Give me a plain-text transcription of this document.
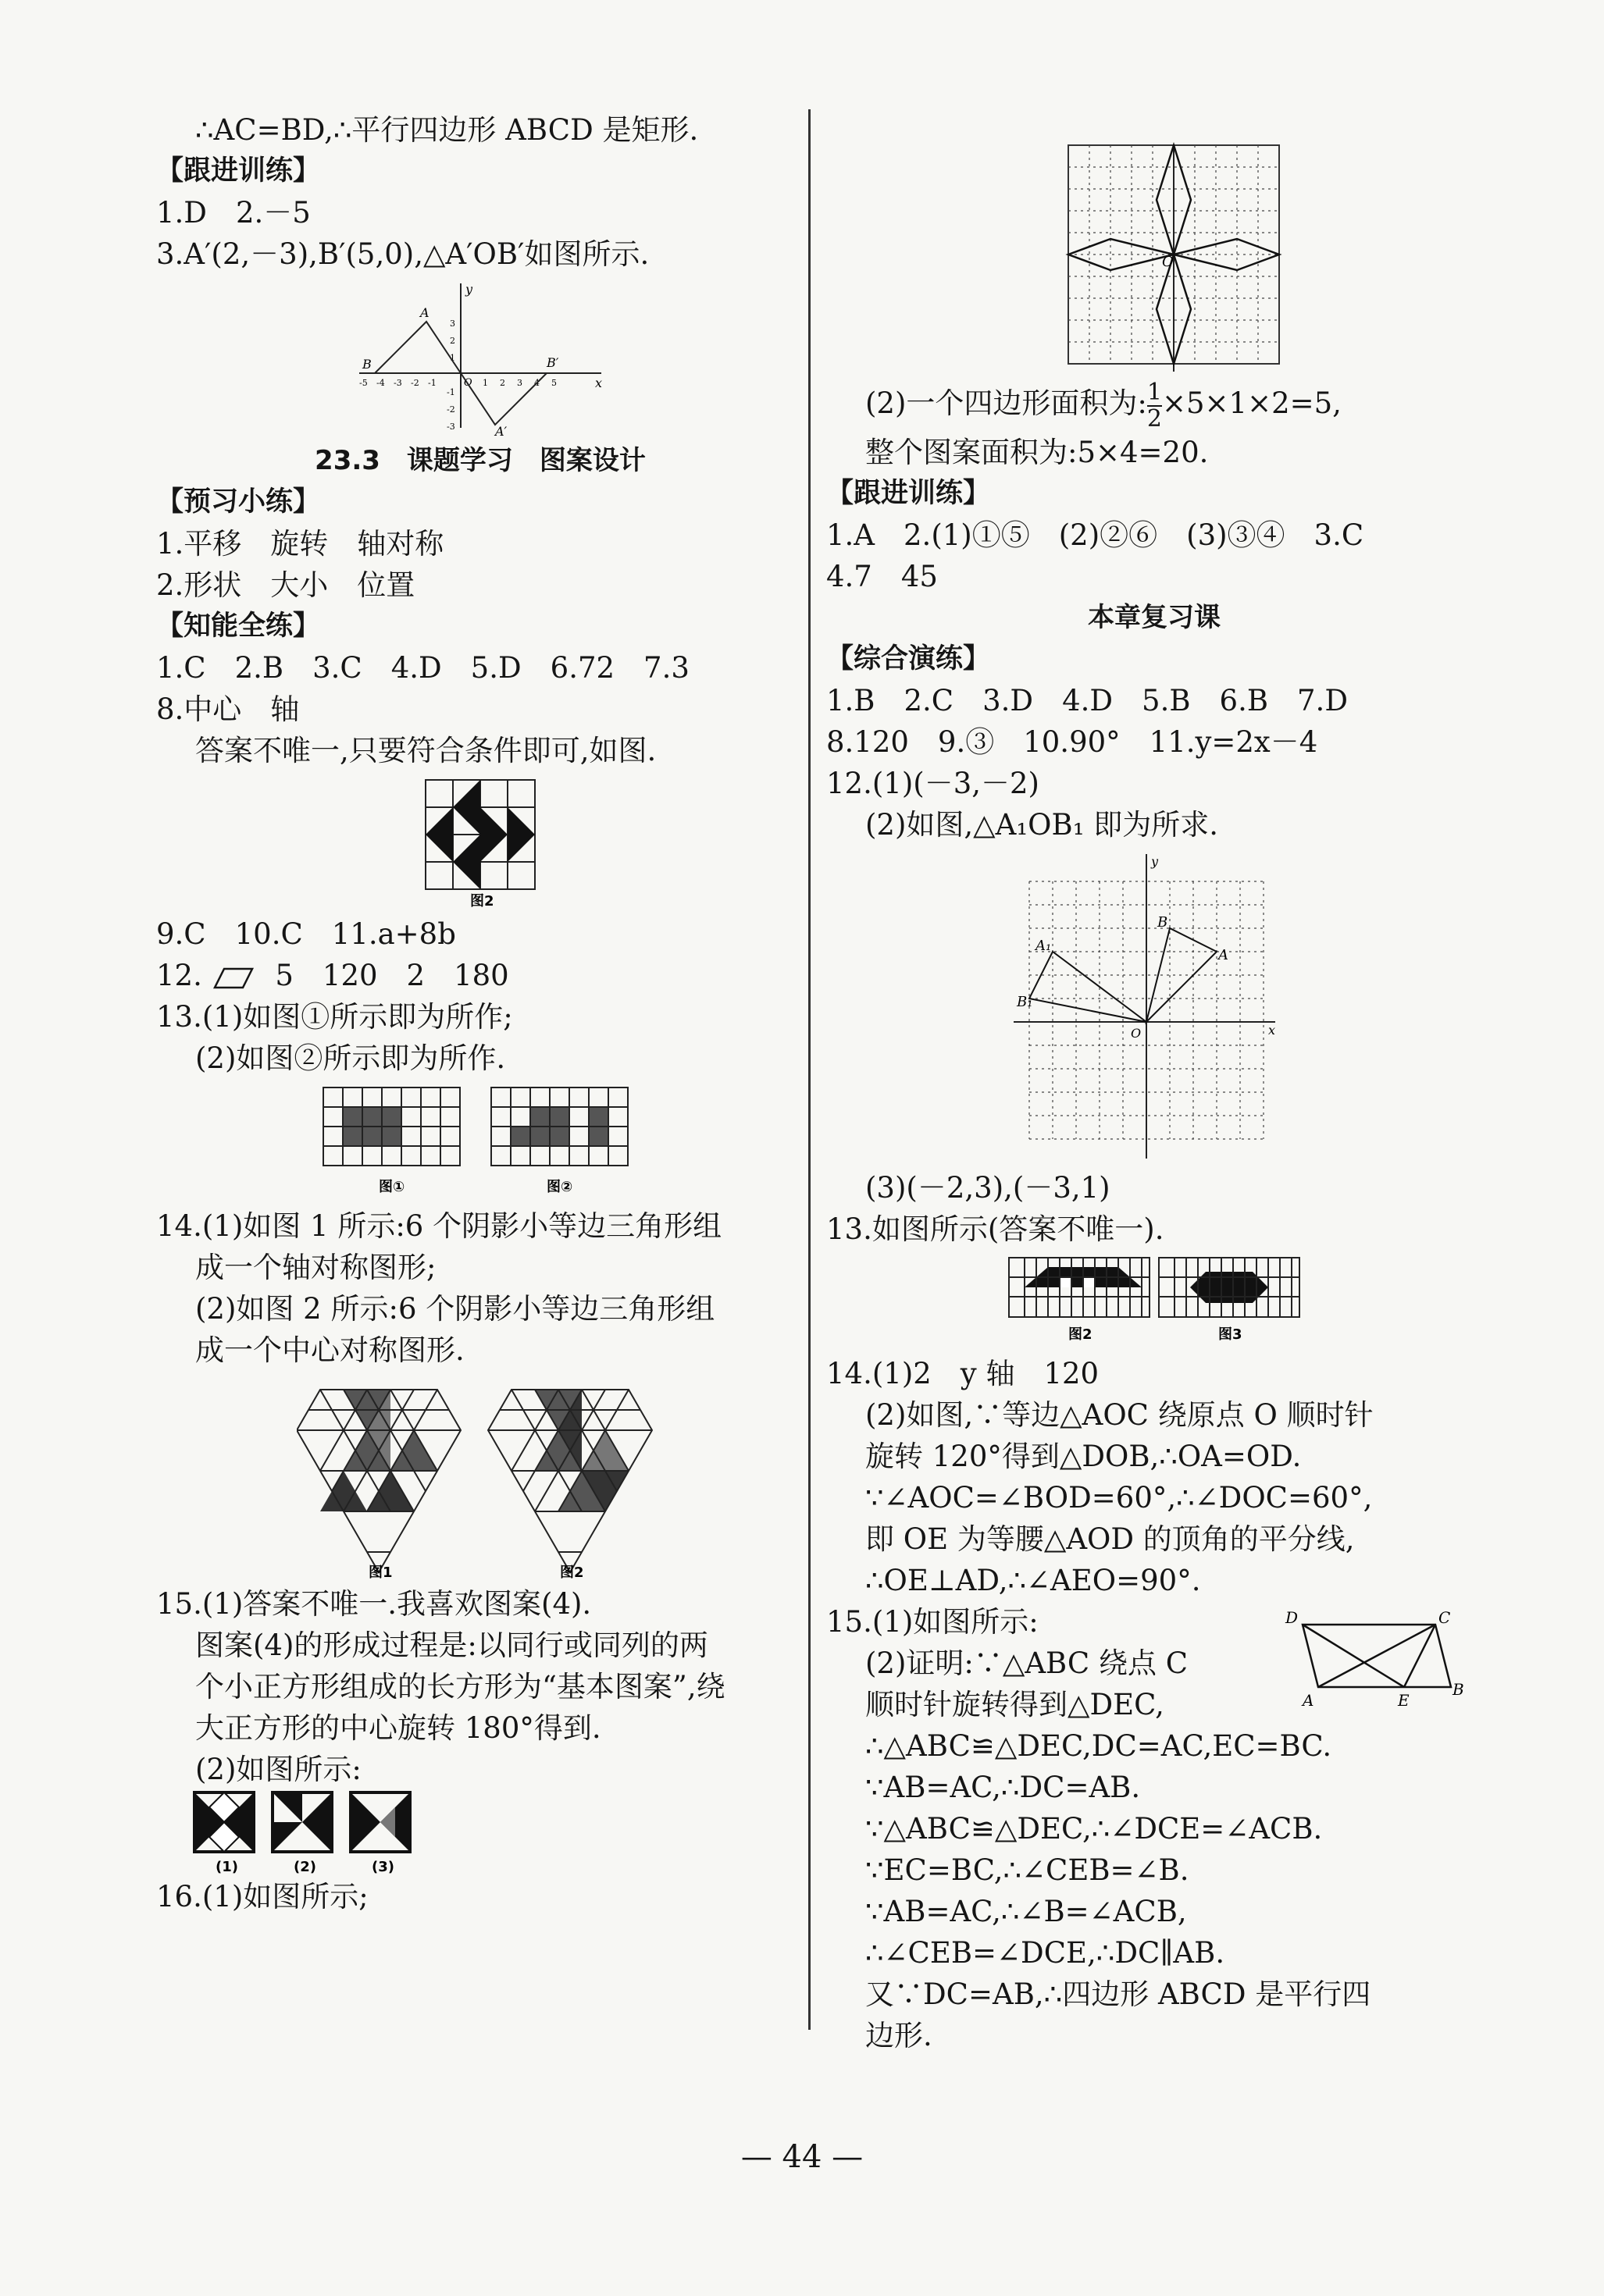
∴AC=BD,∴平行四边形 ABCD 是矩形.
【跟进训练】
1.D　2.－5
3.A′(2,－3),B′(5,0),△A′OB′如图所示.
x
y
O
-5 -4 -3 -2 -1	1 2 3 4 5
3
2
1
-1
-2
-3
A
B	B′
A′
23.3　课题学习　图案设计
【预习小练】
1.平移　旋转　轴对称
2.形状　大小　位置
【知能全练】
1.C　2.B　3.C　4.D　5.D　6.72　7.3
8.中心　轴
答案不唯一,只要符合条件即可,如图.
图2
9.C　10.C　11.a+8b
12.	5　120　2　180
13.(1)如图①所示即为所作;
(2)如图②所示即为所作.
图①	图②
14.(1)如图 1 所示:6 个阴影小等边三角形组
成一个轴对称图形;
(2)如图 2 所示:6 个阴影小等边三角形组
成一个中心对称图形.
图1	图2
15.(1)答案不唯一.我喜欢图案(4).
图案(4)的形成过程是:以同行或同列的两
个小正方形组成的长方形为“基本图案”,绕
大正方形的中心旋转 180°得到.
(2)如图所示:
(1)	(2)	(3)
16.(1)如图所示;
O
(2)一个四边形面积为: $\frac{1}{2} \times 5\times 1\times 2=5$,
整个图案面积为:5×4=20.
【跟进训练】
1.A　2.(1)①⑤　(2)②⑥　(3)③④　3.C
4.7　45
本章复习课
【综合演练】
1.B　2.C　3.D　4.D　5.B　6.B　7.D
8.120　9.③　10.90°　11.y=2x－4
12.(1)(－3,－2)
(2)如图,△A₁OB₁ 即为所求.
x
y
O
A
B
A₁
B₁
(3)(－2,3),(－3,1)
13.如图所示(答案不唯一).
图2	图3
14.(1)2　y 轴　120
(2)如图,∵等边△AOC 绕原点 O 顺时针
旋转 120°得到△DOB,∴OA=OD.
∵∠AOC=∠BOD=60°,∴∠DOC=60°,
即 OE 为等腰△AOD 的顶角的平分线,
∴OE⊥AD,∴∠AEO=90°.
D	C
A	E
B
15.(1)如图所示:
(2)证明:∵△ABC 绕点 C
顺时针旋转得到△DEC,
∴△ABC≌△DEC,DC=AC,EC=BC.
∵AB=AC,∴DC=AB.
∵△ABC≌△DEC,∴∠DCE=∠ACB.
∵EC=BC,∴∠CEB=∠B.
∵AB=AC,∴∠B=∠ACB,
∴∠CEB=∠DCE,∴DC∥AB.
又∵DC=AB,∴四边形 ABCD 是平行四
边形.
— 44 —
